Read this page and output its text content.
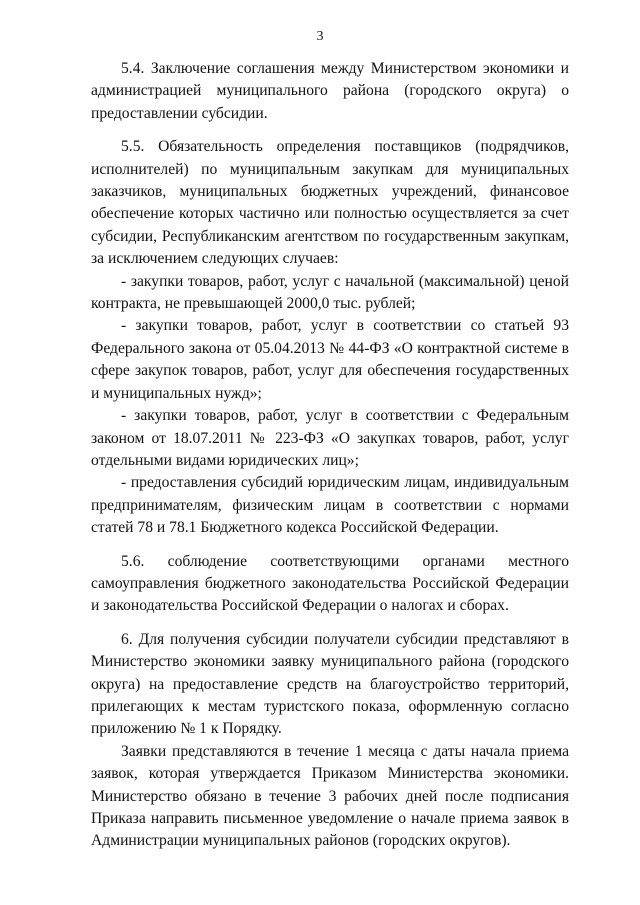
3

5.4. Заключение соглашения между Министерством экономики и администрацией муниципального района (городского округа) о предоставлении субсидии.

5.5. Обязательность определения поставщиков (подрядчиков, исполнителей) по муниципальным закупкам для муниципальных заказчиков, муниципальных бюджетных учреждений, финансовое обеспечение которых частично или полностью осуществляется за счет субсидии, Республиканским агентством по государственным закупкам, за исключением следующих случаев:

- закупки товаров, работ, услуг с начальной (максимальной) ценой контракта, не превышающей 2000,0 тыс. рублей;

- закупки товаров, работ, услуг в соответствии со статьей 93 Федерального закона от 05.04.2013 № 44-ФЗ «О контрактной системе в сфере закупок товаров, работ, услуг для обеспечения государственных и муниципальных нужд»;

- закупки товаров, работ, услуг в соответствии с Федеральным законом от 18.07.2011 № 223-ФЗ «О закупках товаров, работ, услуг отдельными видами юридических лиц»;

- предоставления субсидий юридическим лицам, индивидуальным предпринимателям, физическим лицам в соответствии с нормами статей 78 и 78.1 Бюджетного кодекса Российской Федерации.

5.6. соблюдение соответствующими органами местного самоуправления бюджетного законодательства Российской Федерации и законодательства Российской Федерации о налогах и сборах.

6. Для получения субсидии получатели субсидии представляют в Министерство экономики заявку муниципального района (городского округа) на предоставление средств на благоустройство территорий, прилегающих к местам туристского показа, оформленную согласно приложению № 1 к Порядку.

Заявки представляются в течение 1 месяца с даты начала приема заявок, которая утверждается Приказом Министерства экономики. Министерство обязано в течение 3 рабочих дней после подписания Приказа направить письменное уведомление о начале приема заявок в Администрации муниципальных районов (городских округов).
